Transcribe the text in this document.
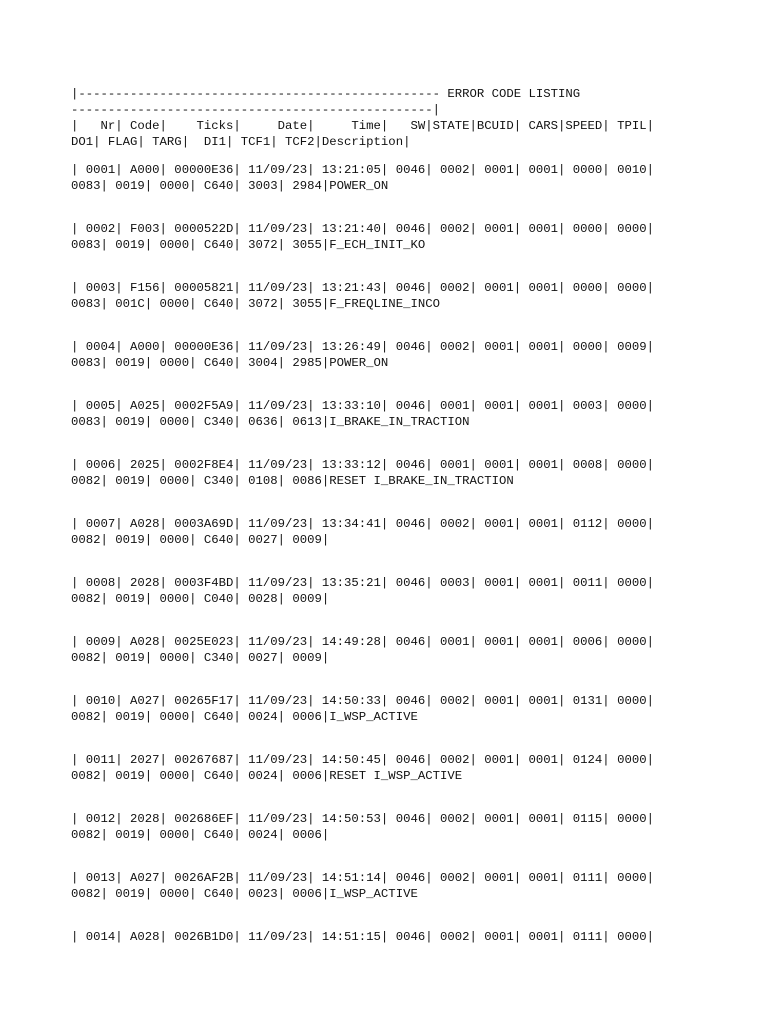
|------------------------------------------------- ERROR CODE LISTING
-------------------------------------------------|
|   Nr| Code|    Ticks|     Date|     Time|   SW|STATE|BCUID| CARS|SPEED| TPIL|
DO1| FLAG| TARG|  DI1| TCF1| TCF2|Description|
| 0001| A000| 00000E36| 11/09/23| 13:21:05| 0046| 0002| 0001| 0001| 0000| 0010|
0083| 0019| 0000| C640| 3003| 2984|POWER_ON
| 0002| F003| 0000522D| 11/09/23| 13:21:40| 0046| 0002| 0001| 0001| 0000| 0000|
0083| 0019| 0000| C640| 3072| 3055|F_ECH_INIT_KO
| 0003| F156| 00005821| 11/09/23| 13:21:43| 0046| 0002| 0001| 0001| 0000| 0000|
0083| 001C| 0000| C640| 3072| 3055|F_FREQLINE_INCO
| 0004| A000| 00000E36| 11/09/23| 13:26:49| 0046| 0002| 0001| 0001| 0000| 0009|
0083| 0019| 0000| C640| 3004| 2985|POWER_ON
| 0005| A025| 0002F5A9| 11/09/23| 13:33:10| 0046| 0001| 0001| 0001| 0003| 0000|
0083| 0019| 0000| C340| 0636| 0613|I_BRAKE_IN_TRACTION
| 0006| 2025| 0002F8E4| 11/09/23| 13:33:12| 0046| 0001| 0001| 0001| 0008| 0000|
0082| 0019| 0000| C340| 0108| 0086|RESET I_BRAKE_IN_TRACTION
| 0007| A028| 0003A69D| 11/09/23| 13:34:41| 0046| 0002| 0001| 0001| 0112| 0000|
0082| 0019| 0000| C640| 0027| 0009|
| 0008| 2028| 0003F4BD| 11/09/23| 13:35:21| 0046| 0003| 0001| 0001| 0011| 0000|
0082| 0019| 0000| C040| 0028| 0009|
| 0009| A028| 0025E023| 11/09/23| 14:49:28| 0046| 0001| 0001| 0001| 0006| 0000|
0082| 0019| 0000| C340| 0027| 0009|
| 0010| A027| 00265F17| 11/09/23| 14:50:33| 0046| 0002| 0001| 0001| 0131| 0000|
0082| 0019| 0000| C640| 0024| 0006|I_WSP_ACTIVE
| 0011| 2027| 00267687| 11/09/23| 14:50:45| 0046| 0002| 0001| 0001| 0124| 0000|
0082| 0019| 0000| C640| 0024| 0006|RESET I_WSP_ACTIVE
| 0012| 2028| 002686EF| 11/09/23| 14:50:53| 0046| 0002| 0001| 0001| 0115| 0000|
0082| 0019| 0000| C640| 0024| 0006|
| 0013| A027| 0026AF2B| 11/09/23| 14:51:14| 0046| 0002| 0001| 0001| 0111| 0000|
0082| 0019| 0000| C640| 0023| 0006|I_WSP_ACTIVE
| 0014| A028| 0026B1D0| 11/09/23| 14:51:15| 0046| 0002| 0001| 0001| 0111| 0000|
